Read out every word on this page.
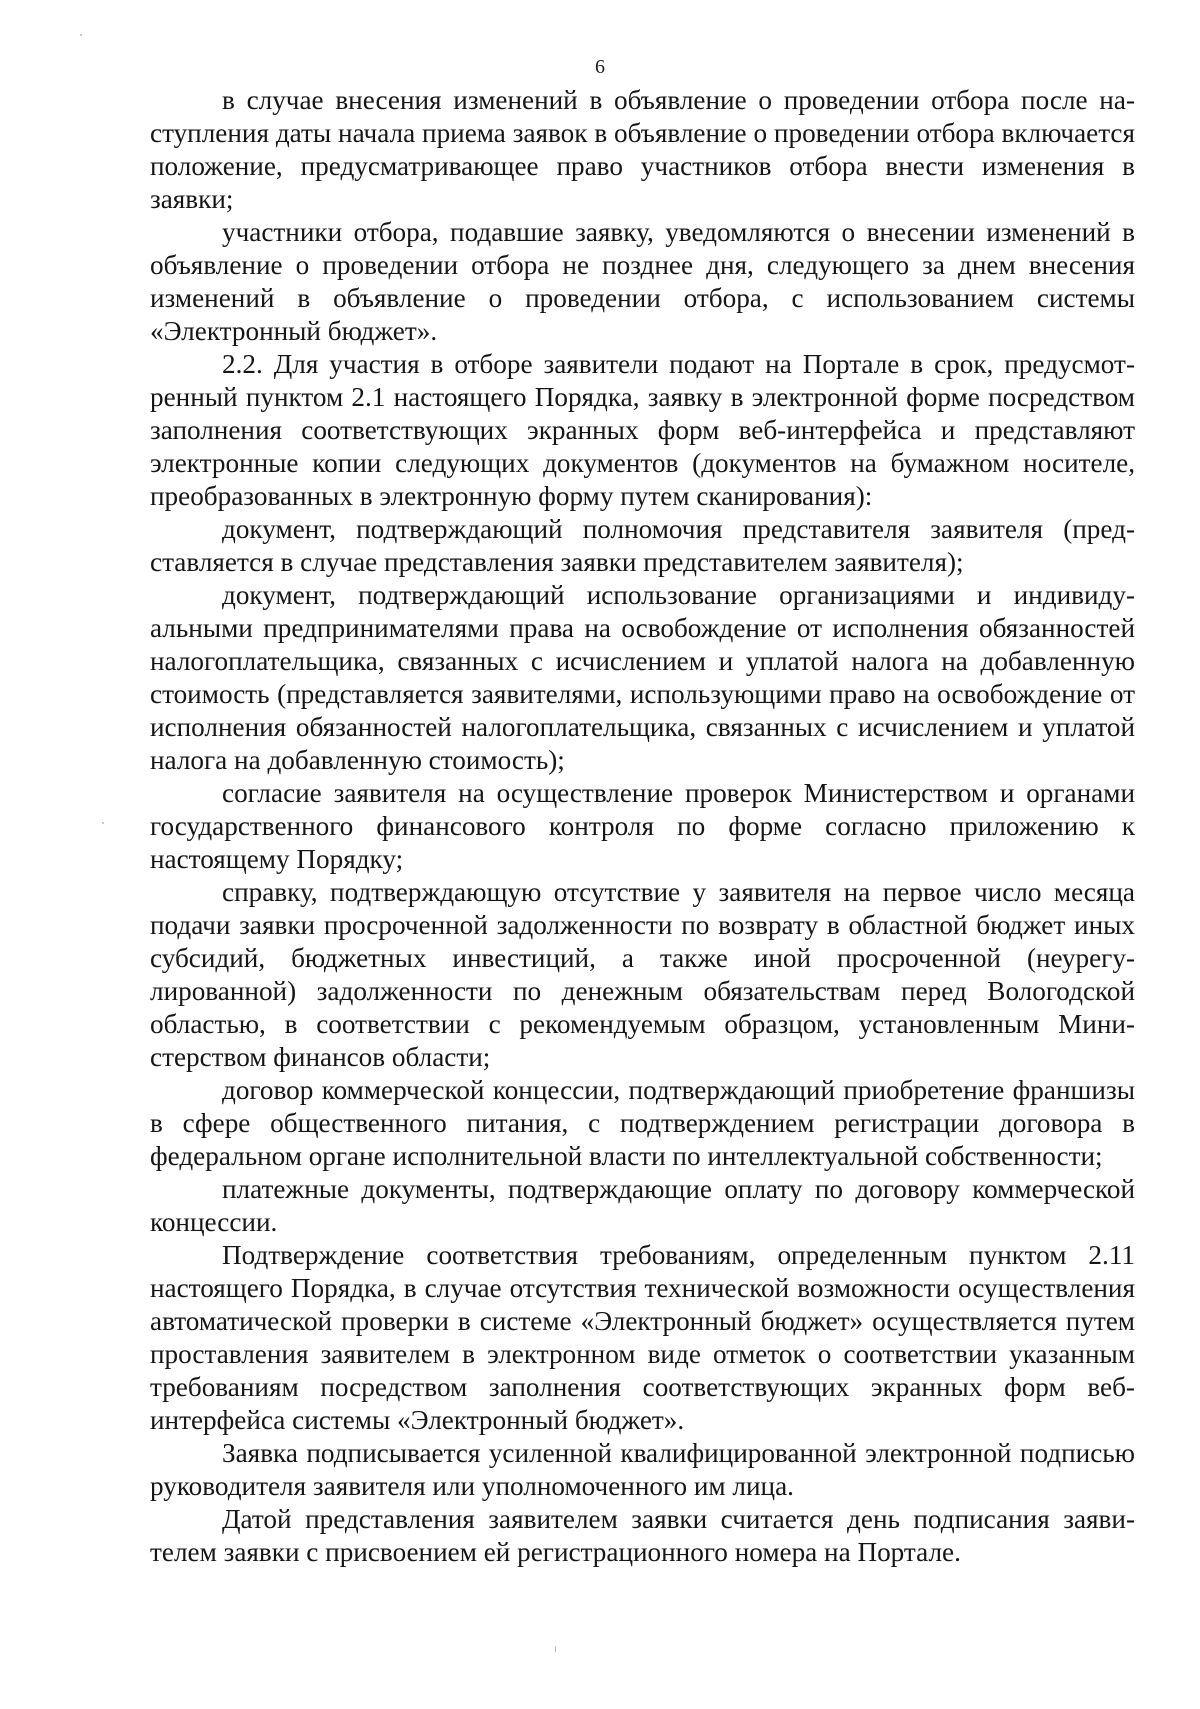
6

в случае внесения изменений в объявление о проведении отбора после наступления даты начала приема заявок в объявление о проведении отбора включается положение, предусматривающее право участников отбора внести изменения в заявки;

участники отбора, подавшие заявку, уведомляются о внесении изменений в объявление о проведении отбора не позднее дня, следующего за днем внесения изменений в объявление о проведении отбора, с использованием системы «Электронный бюджет».

2.2. Для участия в отборе заявители подают на Портале в срок, предусмотренный пунктом 2.1 настоящего Порядка, заявку в электронной форме посредством заполнения соответствующих экранных форм веб-интерфейса и представляют электронные копии следующих документов (документов на бумажном носителе, преобразованных в электронную форму путем сканирования):

документ, подтверждающий полномочия представителя заявителя (представляется в случае представления заявки представителем заявителя);

документ, подтверждающий использование организациями и индивидуальными предпринимателями права на освобождение от исполнения обязанностей налогоплательщика, связанных с исчислением и уплатой налога на добавленную стоимость (представляется заявителями, использующими право на освобождение от исполнения обязанностей налогоплательщика, связанных с исчислением и уплатой налога на добавленную стоимость);

согласие заявителя на осуществление проверок Министерством и органами государственного финансового контроля по форме согласно приложению к настоящему Порядку;

справку, подтверждающую отсутствие у заявителя на первое число месяца подачи заявки просроченной задолженности по возврату в областной бюджет иных субсидий, бюджетных инвестиций, а также иной просроченной (неурегулированной) задолженности по денежным обязательствам перед Вологодской областью, в соответствии с рекомендуемым образцом, установленным Министерством финансов области;

договор коммерческой концессии, подтверждающий приобретение франшизы в сфере общественного питания, с подтверждением регистрации договора в федеральном органе исполнительной власти по интеллектуальной собственности;

платежные документы, подтверждающие оплату по договору коммерческой концессии.

Подтверждение соответствия требованиям, определенным пунктом 2.11 настоящего Порядка, в случае отсутствия технической возможности осуществления автоматической проверки в системе «Электронный бюджет» осуществляется путем проставления заявителем в электронном виде отметок о соответствии указанным требованиям посредством заполнения соответствующих экранных форм веб-интерфейса системы «Электронный бюджет».

Заявка подписывается усиленной квалифицированной электронной подписью руководителя заявителя или уполномоченного им лица.

Датой представления заявителем заявки считается день подписания заявителем заявки с присвоением ей регистрационного номера на Портале.
